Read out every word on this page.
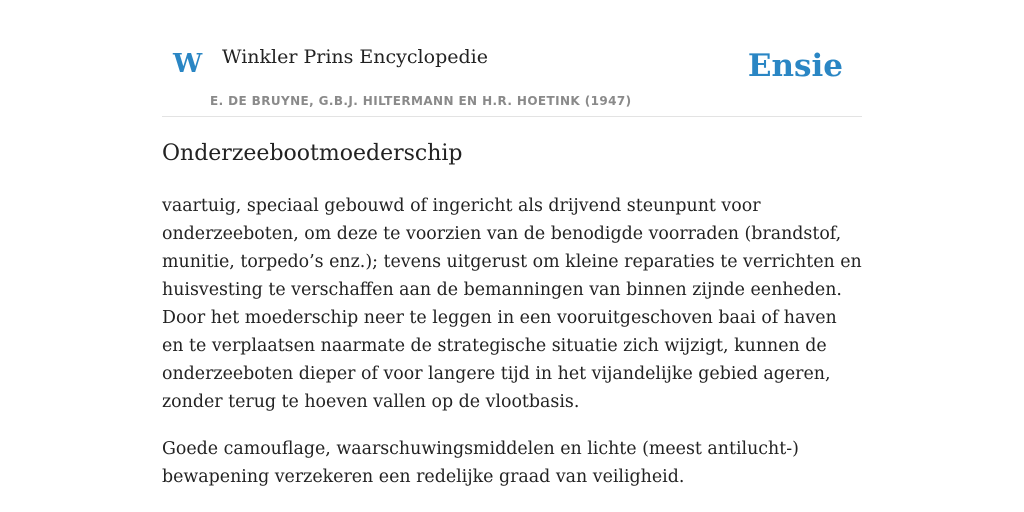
W Winkler Prins Encyclopedie
E. DE BRUYNE, G.B.J. HILTERMANN EN H.R. HOETINK (1947)
Ensie
Onderzeebootmoederschip

vaartuig, speciaal gebouwd of ingericht als drijvend steunpunt voor onderzeeboten, om deze te voorzien van de benodigde voorraden (brandstof, munitie, torpedo’s enz.); tevens uitgerust om kleine reparaties te verrichten en huisvesting te verschaffen aan de bemanningen van binnen zijnde eenheden. Door het moederschip neer te leggen in een vooruitgeschoven baai of haven en te verplaatsen naarmate de strategische situatie zich wijzigt, kunnen de onderzeeboten dieper of voor langere tijd in het vijandelijke gebied ageren, zonder terug te hoeven vallen op de vlootbasis.

Goede camouflage, waarschuwingsmiddelen en lichte (meest antilucht-) bewapening verzekeren een redelijke graad van veiligheid.
